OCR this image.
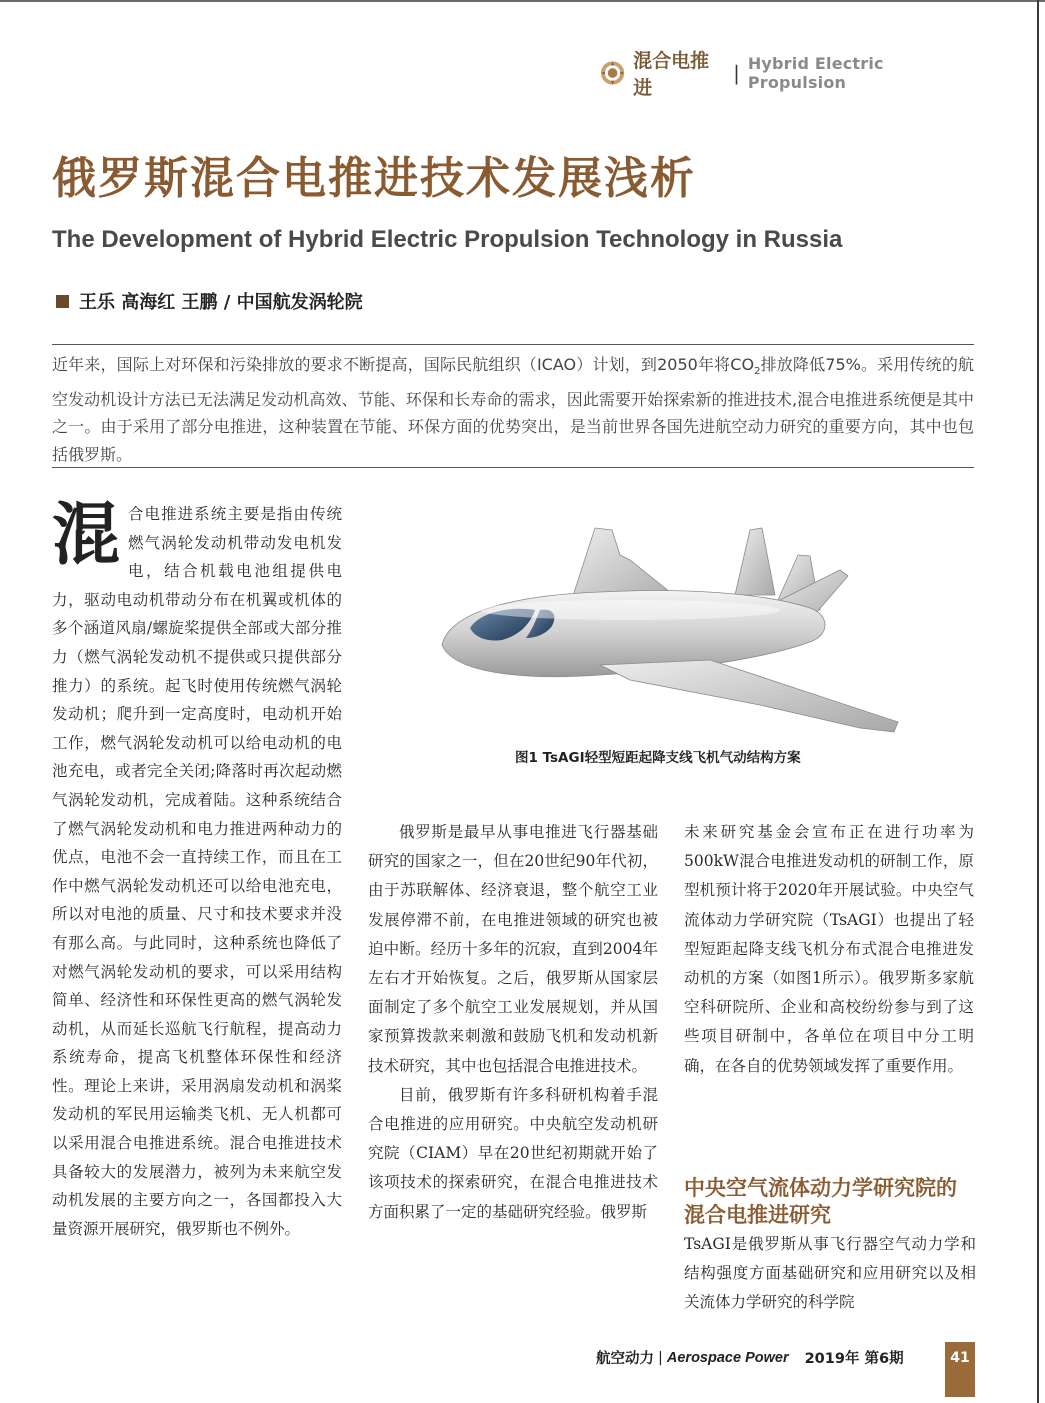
混合电推进
| Hybrid Electric Propulsion
俄罗斯混合电推进技术发展浅析
The Development of Hybrid Electric Propulsion Technology in Russia
王乐 高海红 王鹏 / 中国航发涡轮院

近年来，国际上对环保和污染排放的要求不断提高，国际民航组织（ICAO）计划，到2050年将$CO_2$排放降低75%。采用传统的航空发动机设计方法已无法满足发动机高效、节能、环保和长寿命的需求，因此需要开始探索新的推进技术,混合电推进系统便是其中之一。由于采用了部分电推进，这种装置在节能、环保方面的优势突出，是当前世界各国先进航空动力研究的重要方向，其中也包括俄罗斯。

混 合电推进系统主要是指由传统燃气涡轮发动机带动发电机发电，结合机载电池组提供电力，驱动电动机带动分布在机翼或机体的多个涵道风扇/螺旋桨提供全部或大部分推力（燃气涡轮发动机不提供或只提供部分推力）的系统。起飞时使用传统燃气涡轮发动机；爬升到一定高度时，电动机开始工作，燃气涡轮发动机可以给电动机的电池充电，或者完全关闭;降落时再次起动燃气涡轮发动机，完成着陆。这种系统结合了燃气涡轮发动机和电力推进两种动力的优点，电池不会一直持续工作，而且在工作中燃气涡轮发动机还可以给电池充电，所以对电池的质量、尺寸和技术要求并没有那么高。与此同时，这种系统也降低了对燃气涡轮发动机的要求，可以采用结构简单、经济性和环保性更高的燃气涡轮发动机，从而延长巡航飞行航程，提高动力系统寿命，提高飞机整体环保性和经济性。理论上来讲，采用涡扇发动机和涡桨发动机的军民用运输类飞机、无人机都可以采用混合电推进系统。混合电推进技术具备较大的发展潜力，被列为未来航空发动机发展的主要方向之一，各国都投入大量资源开展研究，俄罗斯也不例外。
图1 TsAGI轻型短距起降支线飞机气动结构方案

俄罗斯是最早从事电推进飞行器基础研究的国家之一，但在20世纪90年代初，由于苏联解体、经济衰退，整个航空工业发展停滞不前，在电推进领域的研究也被迫中断。经历十多年的沉寂，直到2004年左右才开始恢复。之后，俄罗斯从国家层面制定了多个航空工业发展规划，并从国家预算拨款来刺激和鼓励飞机和发动机新技术研究，其中也包括混合电推进技术。

目前，俄罗斯有许多科研机构着手混合电推进的应用研究。中央航空发动机研究院（CIAM）早在20世纪初期就开始了该项技术的探索研究，在混合电推进技术方面积累了一定的基础研究经验。俄罗斯

未来研究基金会宣布正在进行功率为500kW混合电推进发动机的研制工作，原型机预计将于2020年开展试验。中央空气流体动力学研究院（TsAGI）也提出了轻型短距起降支线飞机分布式混合电推进发动机的方案（如图1所示）。俄罗斯多家航空科研院所、企业和高校纷纷参与到了这些项目研制中，各单位在项目中分工明确，在各自的优势领域发挥了重要作用。

中央空气流体动力学研究院的混合电推进研究
TsAGI是俄罗斯从事飞行器空气动力学和结构强度方面基础研究和应用研究以及相关流体力学研究的科学院
航空动力 | Aerospace Power 2019年 第6期	41
